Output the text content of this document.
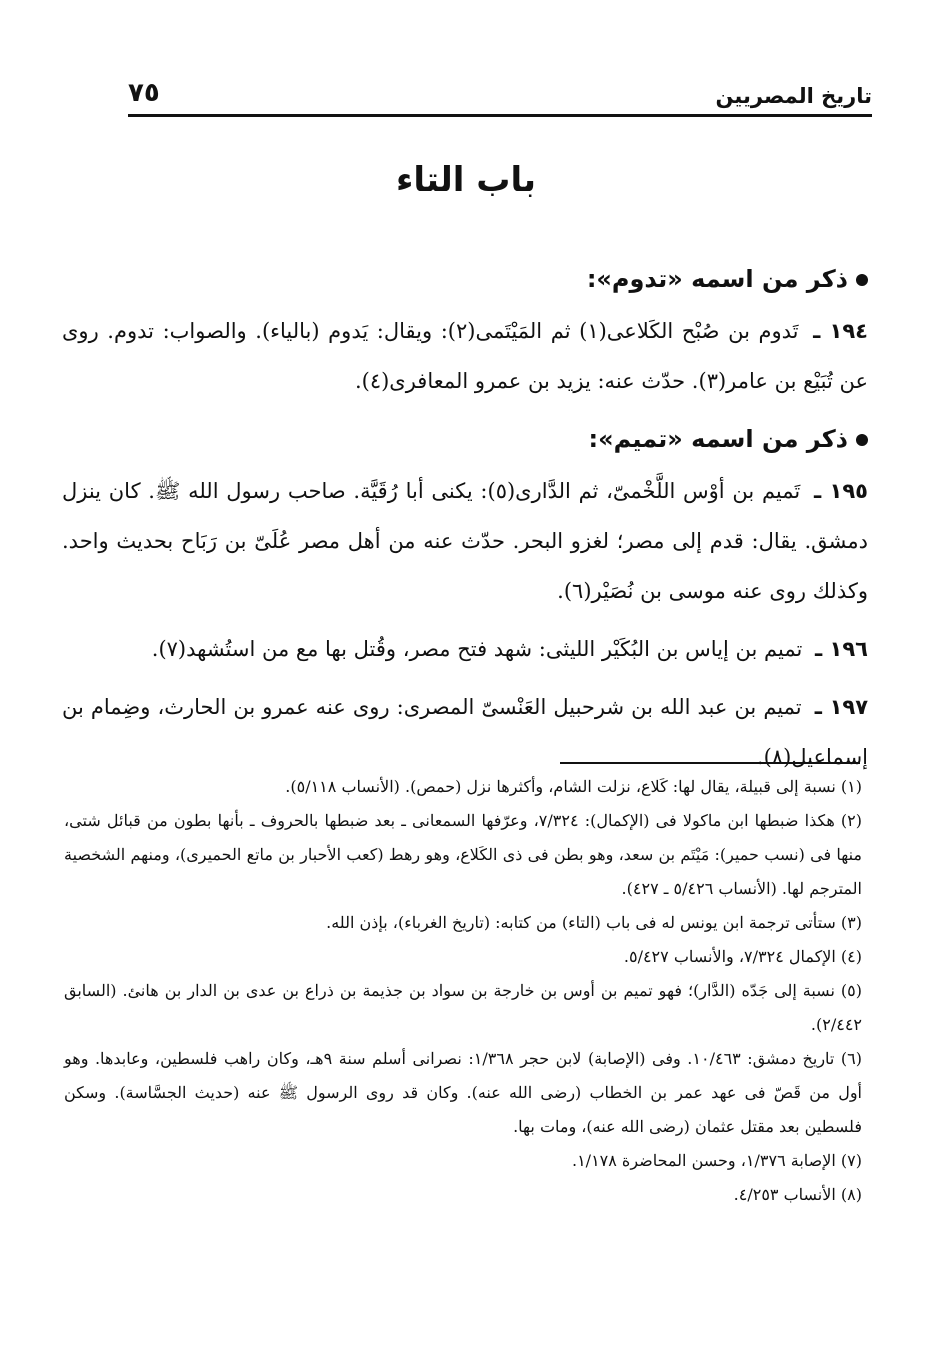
تاريخ المصريين
٧٥
باب التاء
ذكر من اسمه «تدوم»:

١٩٤ ـ تَدوم بن صُبْح الكَلاعى(١) ثم المَيْتَمى(٢): ويقال: يَدوم (بالياء). والصواب: تدوم. روى عن تُبَيْع بن عامر(٣). حدّث عنه: يزيد بن عمرو المعافرى(٤).

ذكر من اسمه «تميم»:

١٩٥ ـ تَميم بن أوْس اللَّخْمىّ، ثم الدَّارى(٥): يكنى أبا رُقَيَّة. صاحب رسول الله ﷺ. كان ينزل دمشق. يقال: قدم إلى مصر؛ لغزو البحر. حدّث عنه من أهل مصر عُلَىّ بن رَبَاح بحديث واحد. وكذلك روى عنه موسى بن نُصَيْر(٦).

١٩٦ ـ تميم بن إياس بن البُكَيْر الليثى: شهد فتح مصر، وقُتل بها مع من استُشهد(٧).

١٩٧ ـ تميم بن عبد الله بن شرحبيل العَنْسىّ المصرى: روى عنه عمرو بن الحارث، وضِمام بن إسماعيل(٨).

(١) نسبة إلى قبيلة، يقال لها: كَلاع، نزلت الشام، وأكثرها نزل (حمص). (الأنساب ٥/١١٨).

(٢) هكذا ضبطها ابن ماكولا فى (الإكمال): ٧/٣٢٤، وعرّفها السمعانى ـ بعد ضبطها بالحروف ـ بأنها بطون من قبائل شتى، منها فى (نسب حمير): مَيْتَم بن سعد، وهو بطن فى ذى الكَلاع، وهو رهط (كعب الأحبار بن ماتع الحميرى)، ومنهم الشخصية المترجم لها. (الأنساب ٥/٤٢٦ ـ ٤٢٧).

(٣) ستأتى ترجمة ابن يونس له فى باب (التاء) من كتابه: (تاريخ الغرباء)، بإذن الله.

(٤) الإكمال ٧/٣٢٤، والأنساب ٥/٤٢٧.

(٥) نسبة إلى جَدّه (الدَّار)؛ فهو تميم بن أوس بن خارجة بن سواد بن جذيمة بن ذراع بن عدى بن الدار بن هانئ. (السابق ٢/٤٤٢).

(٦) تاريخ دمشق: ١٠/٤٦٣. وفى (الإصابة) لابن حجر ١/٣٦٨: نصرانى أسلم سنة ٩هـ، وكان راهب فلسطين، وعابدها. وهو أول من قَصّ فى عهد عمر بن الخطاب (رضى الله عنه). وكان قد روى الرسول ﷺ عنه (حديث الجسَّاسة). وسكن فلسطين بعد مقتل عثمان (رضى الله عنه)، ومات بها.

(٧) الإصابة ١/٣٧٦، وحسن المحاضرة ١/١٧٨.

(٨) الأنساب ٤/٢٥٣.
